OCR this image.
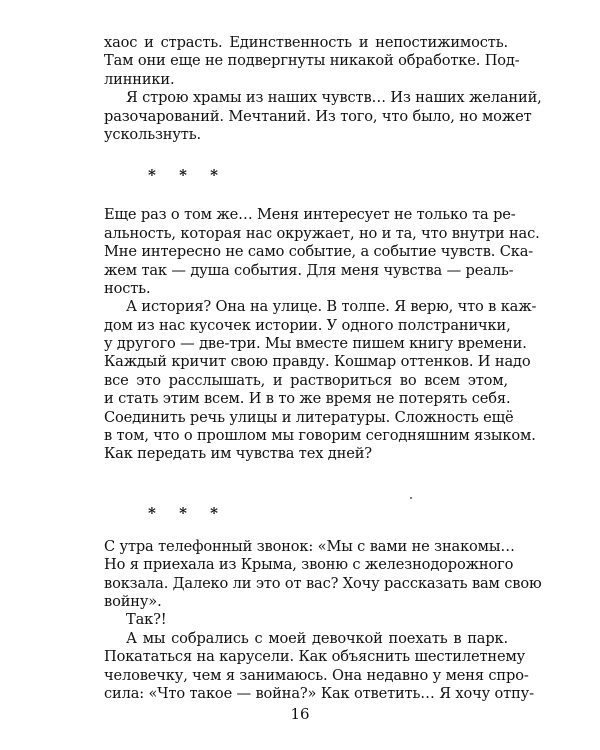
хаос и страсть. Единственность и непостижимость.
Там они еще не подвергнуты никакой обработке. Под-
линники.
Я строю храмы из наших чувств… Из наших желаний,
разочарований. Мечтаний. Из того, что было, но может
ускользнуть.
* * *
Еще раз о том же… Меня интересует не только та ре-
альность, которая нас окружает, но и та, что внутри нас.
Мне интересно не само событие, а событие чувств. Ска-
жем так — душа события. Для меня чувства — реаль-
ность.
А история? Она на улице. В толпе. Я верю, что в каж-
дом из нас кусочек истории. У одного полстранички,
у другого — две-три. Мы вместе пишем книгу времени.
Каждый кричит свою правду. Кошмар оттенков. И надо
все это расслышать, и раствориться во всем этом,
и стать этим всем. И в то же время не потерять себя.
Соединить речь улицы и литературы. Сложность ещё
в том, что о прошлом мы говорим сегодняшним языком.
Как передать им чувства тех дней?
* * *
С утра телефонный звонок: «Мы с вами не знакомы…
Но я приехала из Крыма, звоню с железнодорожного
вокзала. Далеко ли это от вас? Хочу рассказать вам свою
войну».
Так?!
А мы собрались с моей девочкой поехать в парк.
Покататься на карусели. Как объяснить шестилетнему
человечку, чем я занимаюсь. Она недавно у меня спро-
сила: «Что такое — война?» Как ответить… Я хочу отпу-
16
